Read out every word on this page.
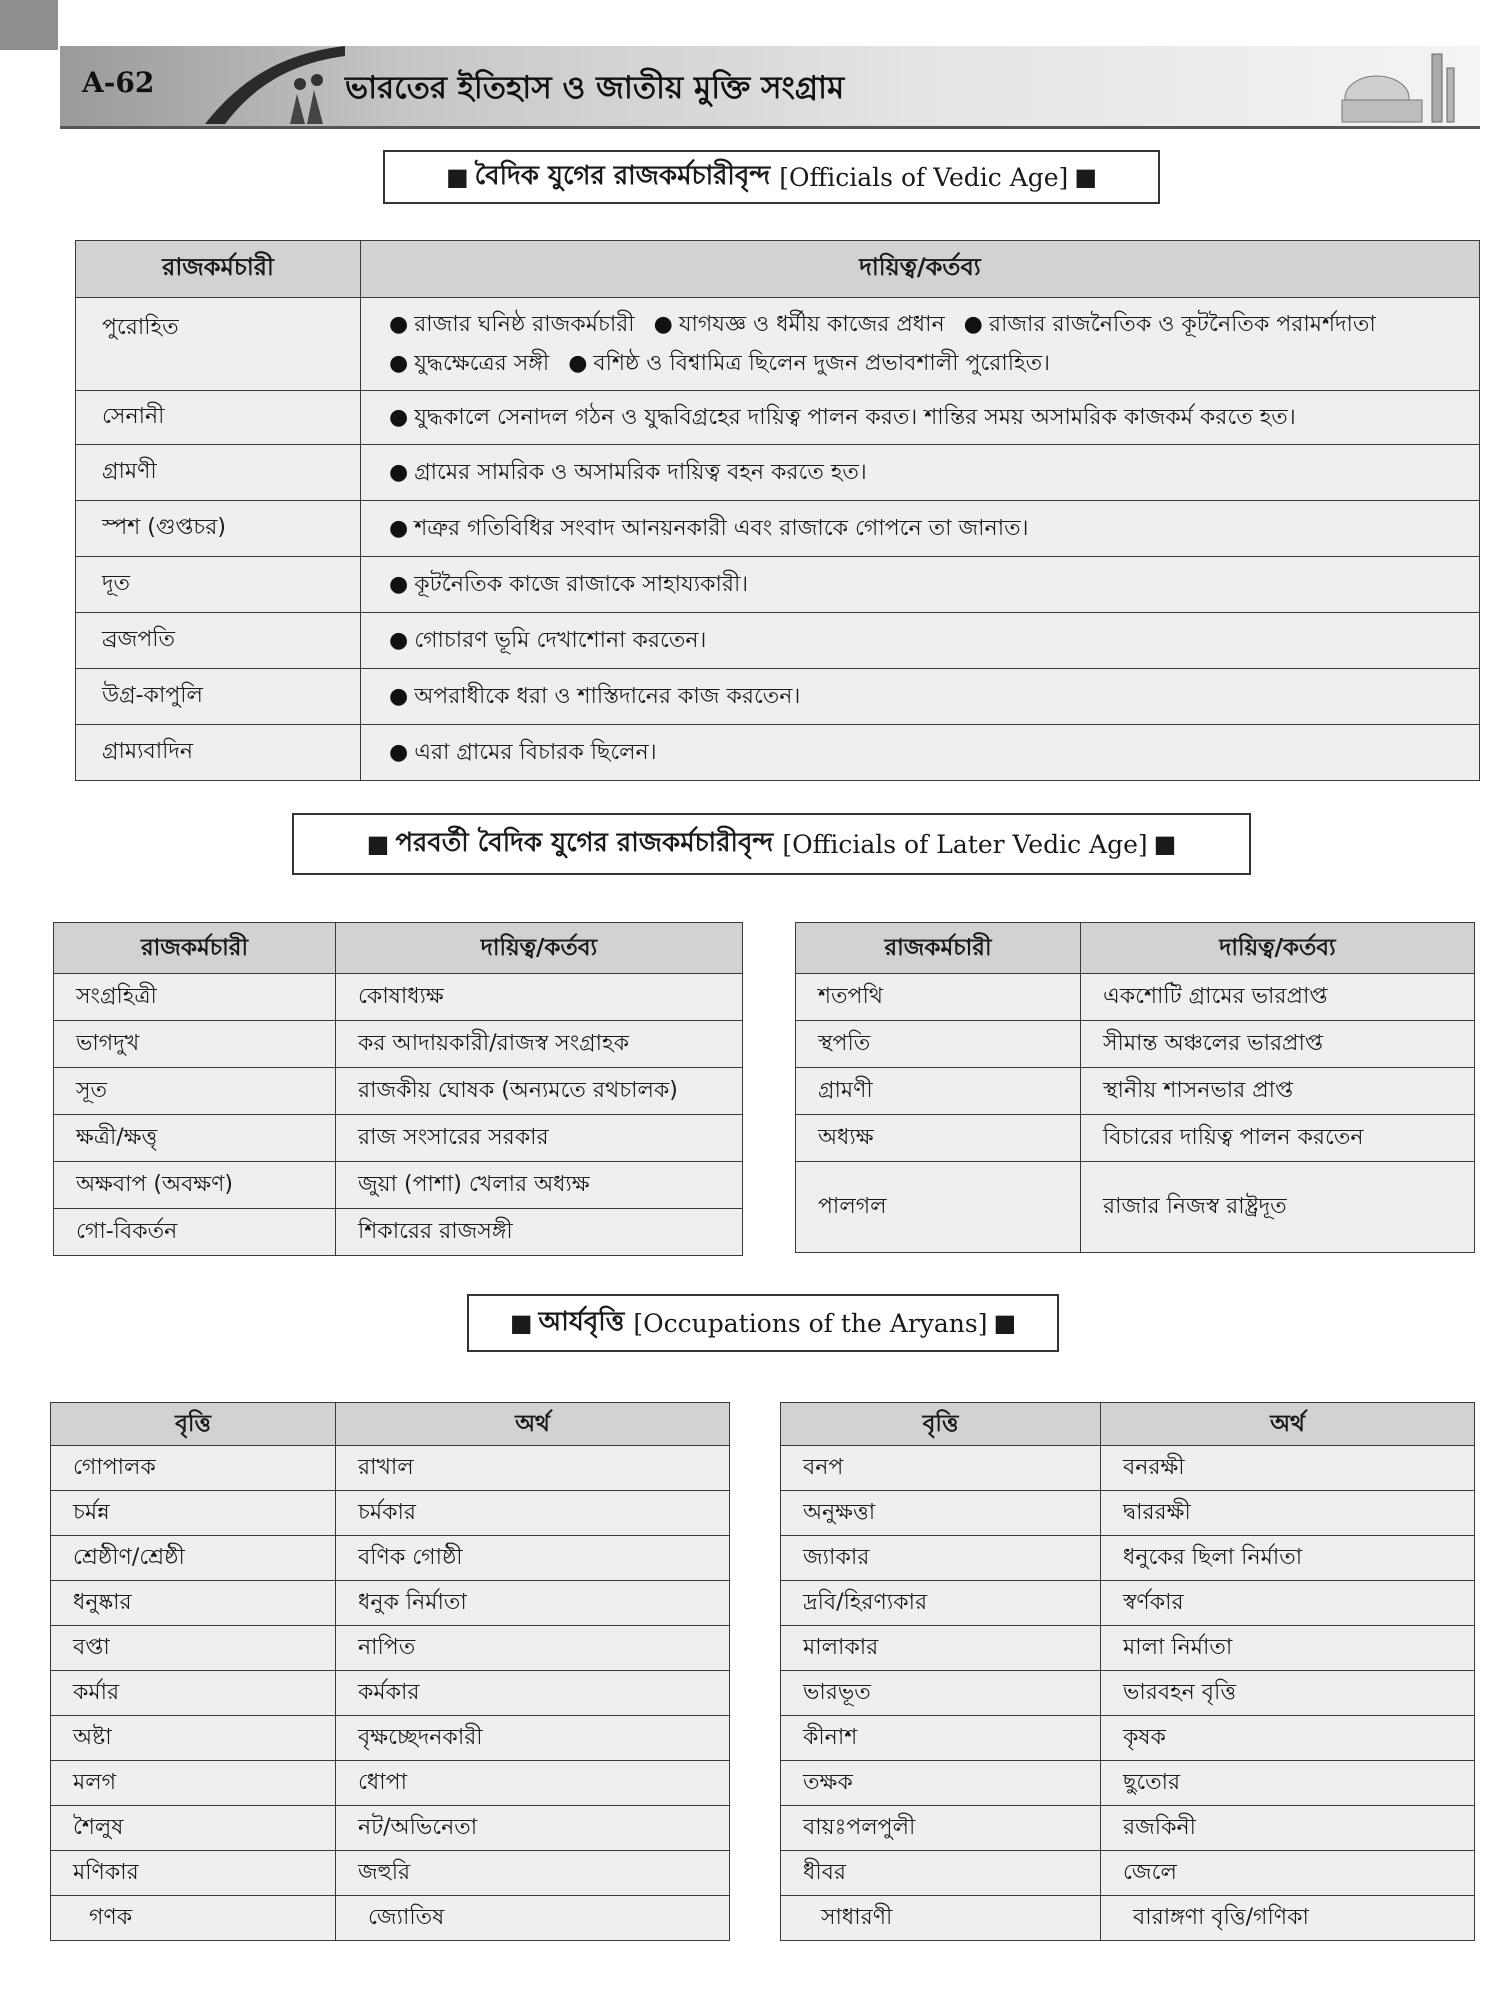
A-62	ভারতের ইতিহাস ও জাতীয় মুক্তি সংগ্রাম
■ বৈদিক যুগের রাজকর্মচারীবৃন্দ
[Officials of Vedic Age] ■
রাজকর্মচারী	দায়িত্ব/কর্তব্য
পুরোহিত	● রাজার ঘনিষ্ঠ রাজকর্মচারী ● যাগযজ্ঞ ও ধর্মীয় কাজের প্রধান ● রাজার রাজনৈতিক ও কূটনৈতিক পরামর্শদাতা
● যুদ্ধক্ষেত্রের সঙ্গী ● বশিষ্ঠ ও বিশ্বামিত্র ছিলেন দুজন প্রভাবশালী পুরোহিত।
সেনানী	● যুদ্ধকালে সেনাদল গঠন ও যুদ্ধবিগ্রহের দায়িত্ব পালন করত। শান্তির সময় অসামরিক কাজকর্ম করতে হত।
গ্রামণী	● গ্রামের সামরিক ও অসামরিক দায়িত্ব বহন করতে হত।
স্পশ (গুপ্তচর)	● শত্রুর গতিবিধির সংবাদ আনয়নকারী এবং রাজাকে গোপনে তা জানাত।
দূত	● কূটনৈতিক কাজে রাজাকে সাহায্যকারী।
ব্রজপতি	● গোচারণ ভূমি দেখাশোনা করতেন।
উগ্র-কাপুলি	● অপরাধীকে ধরা ও শাস্তিদানের কাজ করতেন।
গ্রাম্যবাদিন	● এরা গ্রামের বিচারক ছিলেন।
■ পরবর্তী বৈদিক যুগের রাজকর্মচারীবৃন্দ
[Officials of Later Vedic Age] ■
রাজকর্মচারী	দায়িত্ব/কর্তব্য
সংগ্রহিত্রী	কোষাধ্যক্ষ
ভাগদুখ	কর আদায়কারী/রাজস্ব সংগ্রাহক
সূত	রাজকীয় ঘোষক (অন্যমতে রথচালক)
ক্ষত্রী/ক্ষত্তৃ	রাজ সংসারের সরকার
অক্ষবাপ (অবক্ষণ)	জুয়া (পাশা) খেলার অধ্যক্ষ
গো-বিকর্তন	শিকারের রাজসঙ্গী
রাজকর্মচারী	দায়িত্ব/কর্তব্য
শতপথি	একশোটি গ্রামের ভারপ্রাপ্ত
স্থপতি	সীমান্ত অঞ্চলের ভারপ্রাপ্ত
গ্রামণী	স্থানীয় শাসনভার প্রাপ্ত
অধ্যক্ষ	বিচারের দায়িত্ব পালন করতেন
পালগল	রাজার নিজস্ব রাষ্ট্রদূত
■ আর্যবৃত্তি
[Occupations of the Aryans] ■
বৃত্তি	অর্থ
গোপালক	রাখাল
চর্মন্ন	চর্মকার
শ্রেষ্ঠীণ/শ্রেষ্ঠী	বণিক গোষ্ঠী
ধনুষ্কার	ধনুক নির্মাতা
বপ্তা	নাপিত
কর্মার	কর্মকার
অষ্টা	বৃক্ষচ্ছেদনকারী
মলগ	ধোপা
শৈলুষ	নট/অভিনেতা
মণিকার	জহুরি
গণক	জ্যোতিষ
বৃত্তি	অর্থ
বনপ	বনরক্ষী
অনুক্ষত্তা	দ্বাররক্ষী
জ্যাকার	ধনুকের ছিলা নির্মাতা
দ্রবি/হিরণ্যকার	স্বর্ণকার
মালাকার	মালা নির্মাতা
ভারভূত	ভারবহন বৃত্তি
কীনাশ	কৃষক
তক্ষক	ছুতোর
বায়ঃপলপুলী	রজকিনী
ধীবর	জেলে
সাধারণী	বারাঙ্গণা বৃত্তি/গণিকা
